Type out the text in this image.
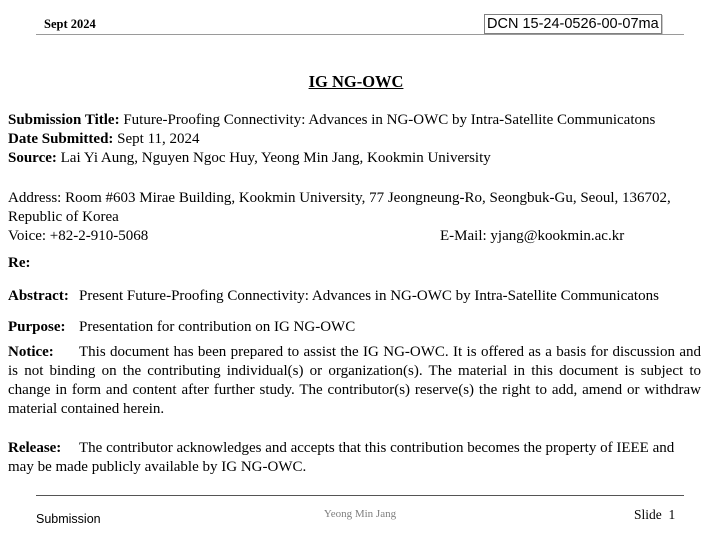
Sept 2024	DCN 15-24-0526-00-07ma
IG NG-OWC
Submission Title: Future-Proofing Connectivity: Advances in NG-OWC by Intra-Satellite Communicatons
Date Submitted: Sept 11, 2024
Source: Lai Yi Aung, Nguyen Ngoc Huy, Yeong Min Jang, Kookmin University
Address: Room #603 Mirae Building, Kookmin University, 77 Jeongneung-Ro, Seongbuk-Gu, Seoul, 136702, Republic of Korea
Voice: +82-2-910-5068	E-Mail: yjang@kookmin.ac.kr
Re:
Abstract: Present Future-Proofing Connectivity: Advances in NG-OWC by Intra-Satellite Communicatons
Purpose: Presentation for contribution on IG NG-OWC
Notice: This document has been prepared to assist the IG NG-OWC. It is offered as a basis for discussion and is not binding on the contributing individual(s) or organization(s). The material in this document is subject to change in form and content after further study. The contributor(s) reserve(s) the right to add, amend or withdraw material contained herein.
Release: The contributor acknowledges and accepts that this contribution becomes the property of IEEE and may be made publicly available by IG NG-OWC.
Submission	Yeong Min Jang	Slide 1
